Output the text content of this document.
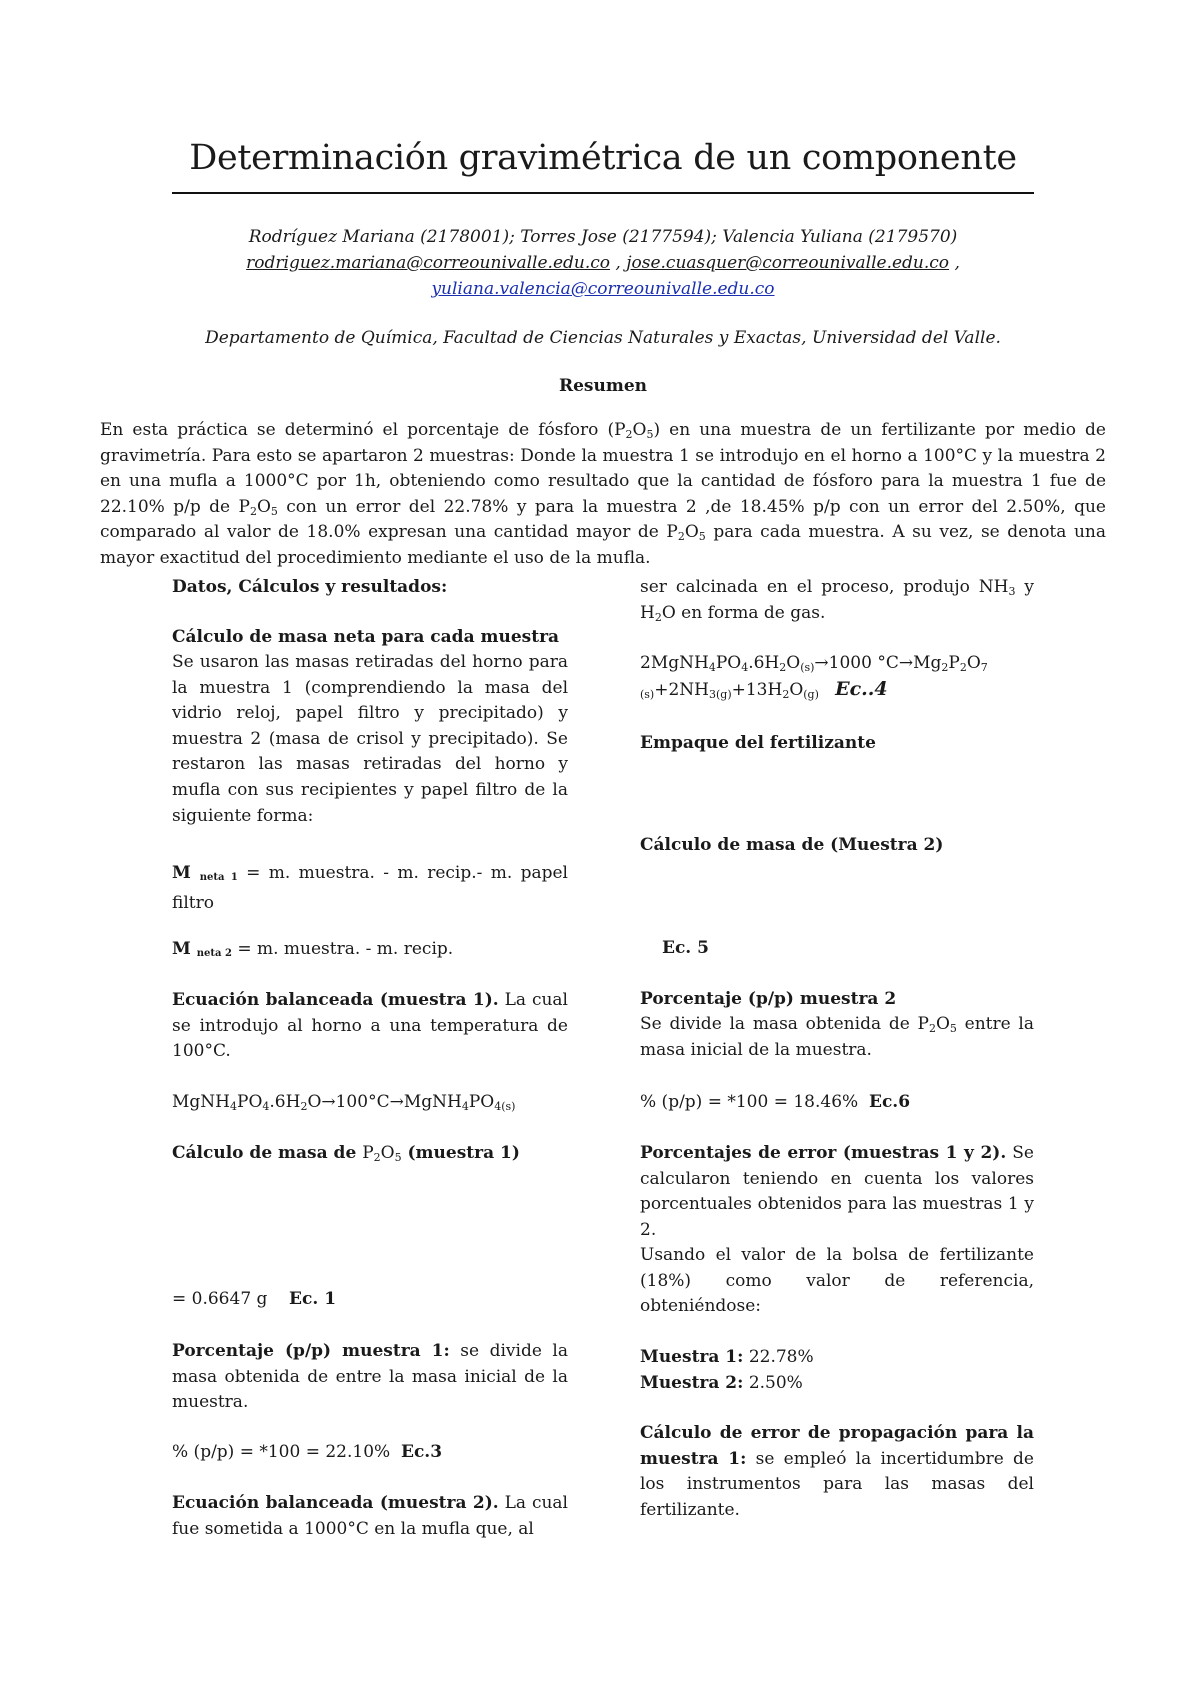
Determinación gravimétrica de un componente
Rodríguez Mariana (2178001); Torres Jose (2177594); Valencia Yuliana (2179570)
rodriguez.mariana@correounivalle.edu.co , jose.cuasquer@correounivalle.edu.co ,
yuliana.valencia@correounivalle.edu.co
Departamento de Química, Facultad de Ciencias Naturales y Exactas, Universidad del Valle.
Resumen

En esta práctica se determinó el porcentaje de fósforo $(P_2O_5)$ en una muestra de un fertilizante por medio de gravimetría. Para esto se apartaron 2 muestras: Donde la muestra 1 se introdujo en el horno a 100°C y la muestra 2 en una mufla a 1000°C por 1h, obteniendo como resultado que la cantidad de fósforo para la muestra 1 fue de 22.10% p/p de $P_2O_5$ con un error del 22.78% y para la muestra 2 ,de 18.45% p/p con un error del 2.50%, que comparado al valor de 18.0% expresan una cantidad mayor de $P_2O_5$ para cada muestra. A su vez, se denota una mayor exactitud del procedimiento mediante el uso de la mufla.

Datos, Cálculos y resultados:

Cálculo de masa neta para cada muestra

Se usaron las masas retiradas del horno para la muestra 1 (comprendiendo la masa del vidrio reloj, papel filtro y precipitado) y muestra 2 (masa de crisol y precipitado). Se restaron las masas retiradas del horno y mufla con sus recipientes y papel filtro de la siguiente forma:

M neta 1 = m. muestra. - m. recip.- m. papel filtro

M neta 2 = m. muestra. - m. recip.

Ecuación balanceada (muestra 1). La cual se introdujo al horno a una temperatura de 100°C.

$MgNH_4PO_4.6H_2O\to 100^\circ C\to MgNH_4PO_{4(s)}$

Cálculo de masa de $P_2O_5$ (muestra 1)

= 0.6647 g Ec. 1

Porcentaje (p/p) muestra 1: se divide la masa obtenida de entre la masa inicial de la muestra.

% (p/p) = *100 = 22.10% Ec.3

Ecuación balanceada (muestra 2). La cual fue sometida a 1000°C en la mufla que, al

ser calcinada en el proceso, produjo $NH_3$ y $H_2O$ en forma de gas.

$2MgNH_4PO_4.6H_2O_{(s)}\to 1000$ $^\circ C\to Mg_2P_2O_7$
$_{(s)}+2NH_{3(g)}+13H_2O_{(g)}$ Ec..4

Empaque del fertilizante

Cálculo de masa de (Muestra 2)

Ec. 5

Porcentaje (p/p) muestra 2

Se divide la masa obtenida de $P_2O_5$ entre la masa inicial de la muestra.

% (p/p) = *100 = 18.46% Ec.6

Porcentajes de error (muestras 1 y 2). Se calcularon teniendo en cuenta los valores porcentuales obtenidos para las muestras 1 y 2.

Usando el valor de la bolsa de fertilizante (18%) como valor de referencia, obteniéndose:

Muestra 1: 22.78%

Muestra 2: 2.50%

Cálculo de error de propagación para la muestra 1: se empleó la incertidumbre de los instrumentos para las masas del fertilizante.
